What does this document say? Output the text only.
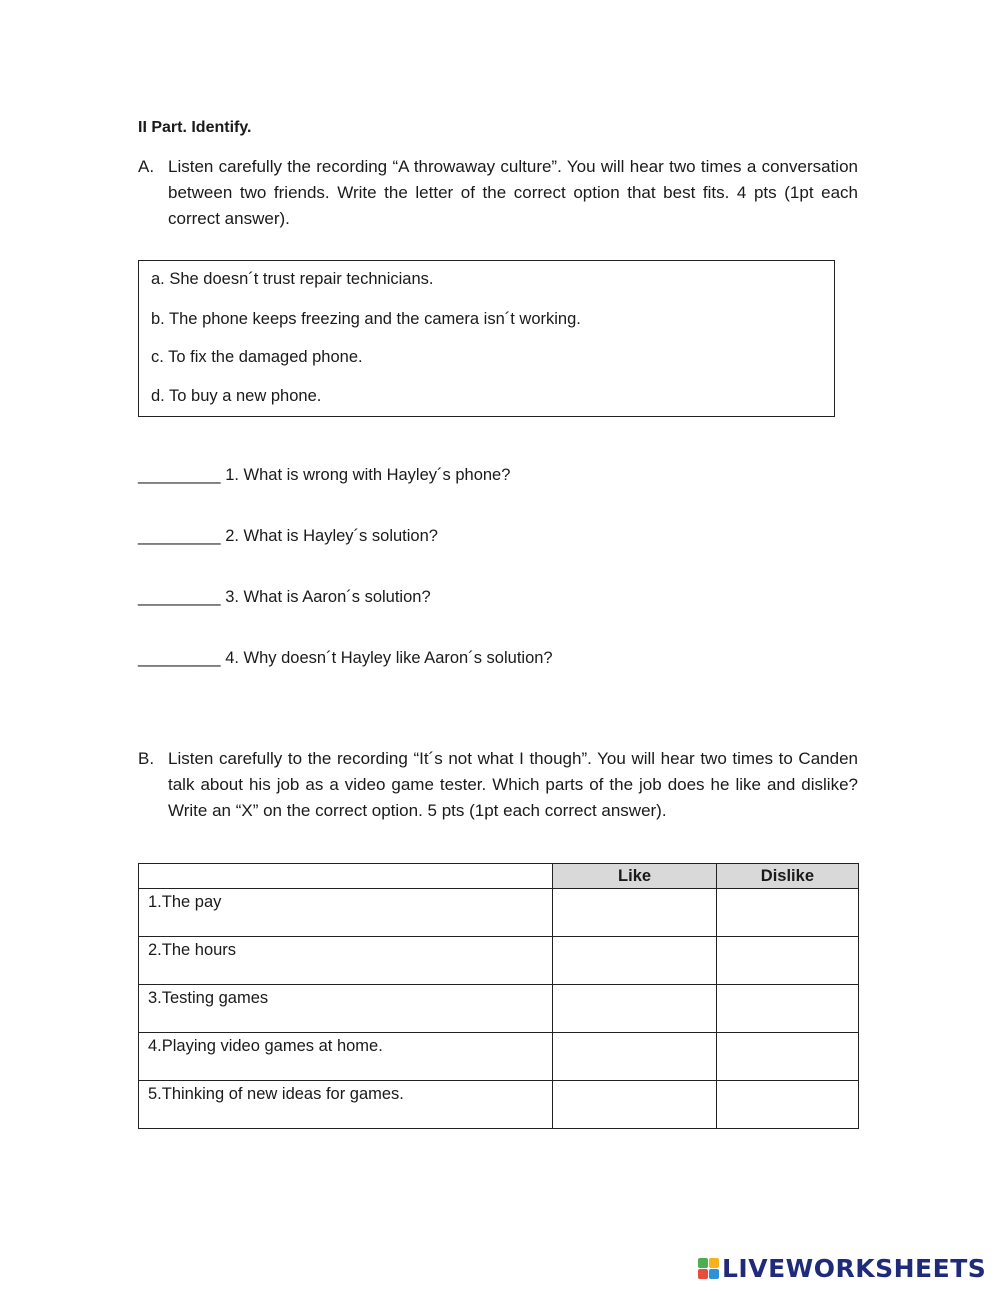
II Part. Identify.
A. Listen carefully the recording “A throwaway culture”. You will hear two times a conversation between two friends. Write the letter of the correct option that best fits. 4 pts (1pt each correct answer).
a. She doesn´t trust repair technicians.
b. The phone keeps freezing and the camera isn´t working.
c. To fix the damaged phone.
d. To buy a new phone.
_________ 1. What is wrong with Hayley´s phone?
_________ 2. What is Hayley´s solution?
_________ 3. What is Aaron´s solution?
_________ 4. Why doesn´t Hayley like Aaron´s solution?
B. Listen carefully to the recording “It´s not what I though”. You will hear two times to Canden talk about his job as a video game tester. Which parts of the job does he like and dislike? Write an “X” on the correct option. 5 pts (1pt each correct answer).
	Like	Dislike
1.The pay		
2.The hours		
3.Testing games		
4.Playing video games at home.		
5.Thinking of new ideas for games.		
LIVEWORKSHEETS
